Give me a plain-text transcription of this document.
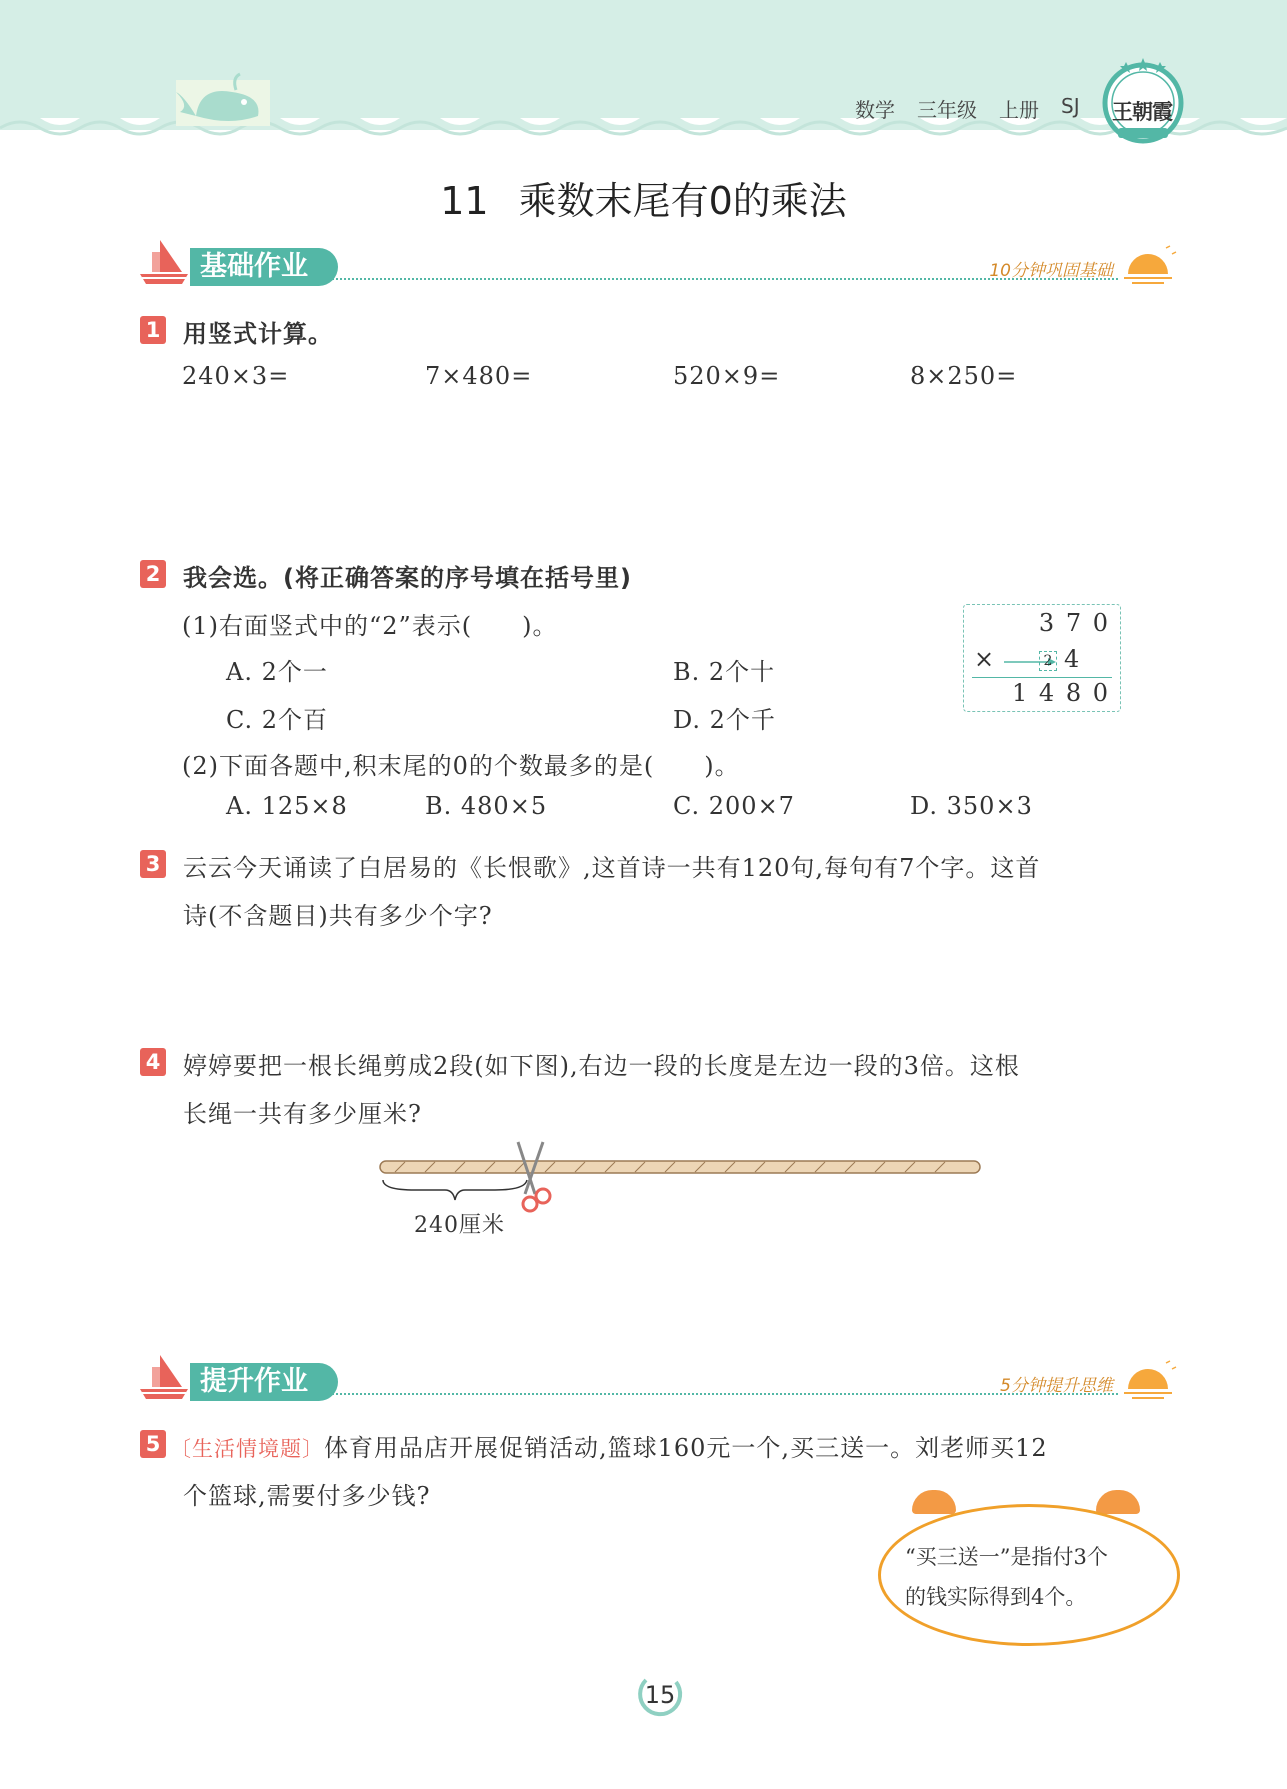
数学 三年级 上册 SJ 王朝霞
11 乘数末尾有0的乘法
基础作业	10分钟巩固基础
1 用竖式计算。
240×3=	7×480=	520×9=	8×250=
2 我会选。(将正确答案的序号填在括号里)
(1)右面竖式中的“2”表示(　　)。
A. 2个一	B. 2个十
C. 2个百	D. 2个千
(2)下面各题中,积末尾的0的个数最多的是(　　)。
A. 125×8	B. 480×5	C. 200×7	D. 350×3
3 7 0
×	2 4
1 4 8 0
3 云云今天诵读了白居易的《长恨歌》,这首诗一共有120句,每句有7个字。这首
诗(不含题目)共有多少个字?
4 婷婷要把一根长绳剪成2段(如下图),右边一段的长度是左边一段的3倍。这根
长绳一共有多少厘米?
240厘米
提升作业	5分钟提升思维
5 〔生活情境题〕体育用品店开展促销活动,篮球160元一个,买三送一。刘老师买12
个篮球,需要付多少钱?
“买三送一”是指付3个
的钱实际得到4个。
15
